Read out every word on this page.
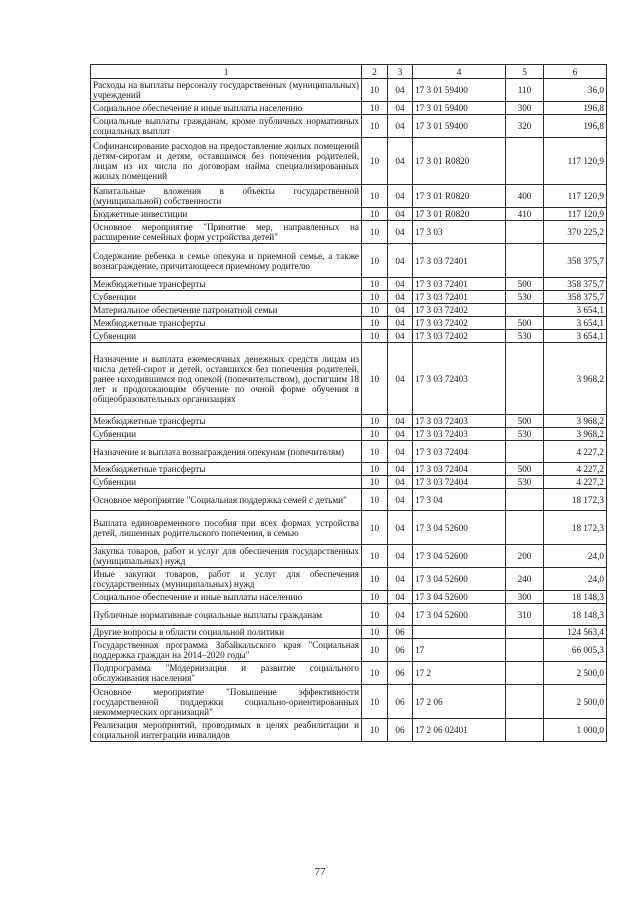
1	2	3	4	5	6
Расходы на выплаты персоналу государственных (муниципальных) учреждений	10	04	17 3 01 59400	110	36,0
Социальное обеспечение и иные выплаты населению	10	04	17 3 01 59400	300	196,8
Социальные выплаты гражданам, кроме публичных нормативных социальных выплат	10	04	17 3 01 59400	320	196,8
Софинансирование расходов на предоставление жилых помещений детям-сиротам и детям, оставшимся без попечения родителей, лицам из их числа по договорам найма специализированных жилых помещений	10	04	17 3 01 R0820		117 120,9
Капитальные вложения в объекты государственной (муниципальной) собственности	10	04	17 3 01 R0820	400	117 120,9
Бюджетные инвестиции	10	04	17 3 01 R0820	410	117 120,9
Основное мероприятие "Принятие мер, направленных на расширение семейных форм устройства детей"	10	04	17 3 03		370 225,2
Содержание ребенка в семье опекуна и приемной семье, а также вознаграждение, причитающееся приемному родителю	10	04	17 3 03 72401		358 375,7
Межбюджетные трансферты	10	04	17 3 03 72401	500	358 375,7
Субвенции	10	04	17 3 03 72401	530	358 375,7
Материальное обеспечение патронатной семьи	10	04	17 3 03 72402		3 654,1
Межбюджетные трансферты	10	04	17 3 03 72402	500	3 654,1
Субвенции	10	04	17 3 03 72402	530	3 654,1
Назначение и выплата ежемесячных денежных средств лицам из числа детей-сирот и детей, оставшихся без попечения родителей, ранее находившимся под опекой (попечительством), достигшим 18 лет и продолжающим обучение по очной форме обучения в общеобразовательных организациях	10	04	17 3 03 72403		3 968,2
Межбюджетные трансферты	10	04	17 3 03 72403	500	3 968,2
Субвенции	10	04	17 3 03 72403	530	3 968,2
Назначение и выплата вознаграждения опекунам (попечителям)	10	04	17 3 03 72404		4 227,2
Межбюджетные трансферты	10	04	17 3 03 72404	500	4 227,2
Субвенции	10	04	17 3 03 72404	530	4 227,2
Основное мероприятие "Социальная поддержка семей с детьми"	10	04	17 3 04		18 172,3
Выплата единовременного пособия при всех формах устройства детей, лишенных родительского попечения, в семью	10	04	17 3 04 52600		18 172,3
Закупка товаров, работ и услуг для обеспечения государственных (муниципальных) нужд	10	04	17 3 04 52600	200	24,0
Иные закупки товаров, работ и услуг для обеспечения государственных (муниципальных) нужд	10	04	17 3 04 52600	240	24,0
Социальное обеспечение и иные выплаты населению	10	04	17 3 04 52600	300	18 148,3
Публичные нормативные социальные выплаты гражданам	10	04	17 3 04 52600	310	18 148,3
Другие вопросы в области социальной политики	10	06			124 563,4
Государственная программа Забайкальского края "Социальная поддержка граждан на 2014–2020 годы"	10	06	17		66 005,3
Подпрограмма "Модернизация и развитие социального обслуживания населения"	10	06	17 2		2 500,0
Основное мероприятие "Повышение эффективности государственной поддержки социально-ориентированных некоммерческих организаций"	10	06	17 2 06		2 500,0
Реализация мероприятий, проводимых в целях реабилитации и социальной интеграции инвалидов	10	06	17 2 06 02401		1 000,0
77
